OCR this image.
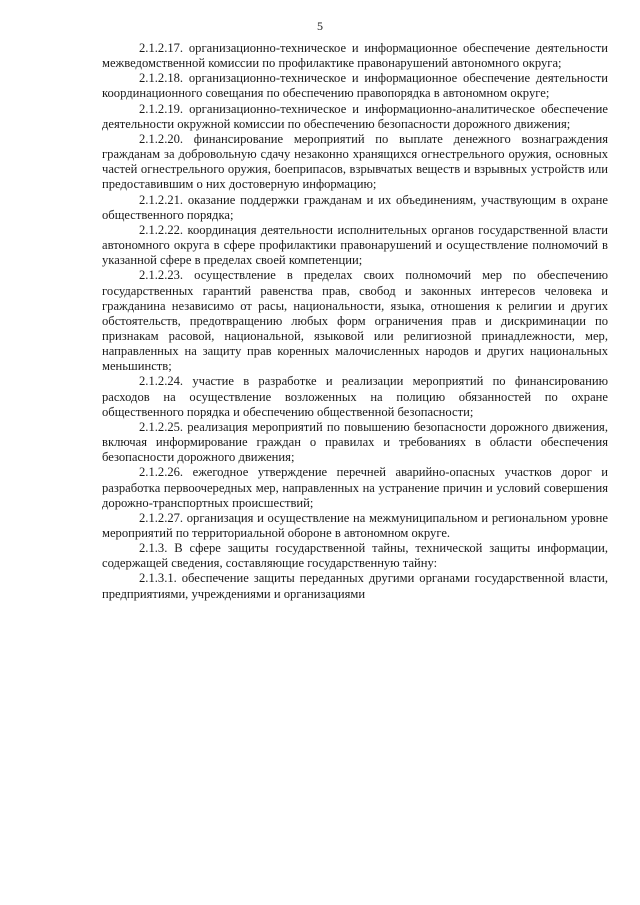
5

2.1.2.17. организационно-техническое и информационное обеспечение деятельности межведомственной комиссии по профилактике правонарушений автономного округа;

2.1.2.18. организационно-техническое и информационное обеспечение деятельности координационного совещания по обеспечению правопорядка в автономном округе;

2.1.2.19. организационно-техническое и информационно-аналитическое обеспечение деятельности окружной комиссии по обеспечению безопасности дорожного движения;

2.1.2.20. финансирование мероприятий по выплате денежного вознаграждения гражданам за добровольную сдачу незаконно хранящихся огнестрельного оружия, основных частей огнестрельного оружия, боеприпасов, взрывчатых веществ и взрывных устройств или предоставившим о них достоверную информацию;

2.1.2.21. оказание поддержки гражданам и их объединениям, участвующим в охране общественного порядка;

2.1.2.22. координация деятельности исполнительных органов государственной власти автономного округа в сфере профилактики правонарушений и осуществление полномочий в указанной сфере в пределах своей компетенции;

2.1.2.23. осуществление в пределах своих полномочий мер по обеспечению государственных гарантий равенства прав, свобод и законных интересов человека и гражданина независимо от расы, национальности, языка, отношения к религии и других обстоятельств, предотвращению любых форм ограничения прав и дискриминации по признакам расовой, национальной, языковой или религиозной принадлежности, мер, направленных на защиту прав коренных малочисленных народов и других национальных меньшинств;

2.1.2.24. участие в разработке и реализации мероприятий по финансированию расходов на осуществление возложенных на полицию обязанностей по охране общественного порядка и обеспечению общественной безопасности;

2.1.2.25. реализация мероприятий по повышению безопасности дорожного движения, включая информирование граждан о правилах и требованиях в области обеспечения безопасности дорожного движения;

2.1.2.26. ежегодное утверждение перечней аварийно-опасных участков дорог и разработка первоочередных мер, направленных на устранение причин и условий совершения дорожно-транспортных происшествий;

2.1.2.27. организация и осуществление на межмуниципальном и региональном уровне мероприятий по территориальной обороне в автономном округе.

2.1.3. В сфере защиты государственной тайны, технической защиты информации, содержащей сведения, составляющие государственную тайну:

2.1.3.1. обеспечение защиты переданных другими органами государственной власти, предприятиями, учреждениями и организациями
